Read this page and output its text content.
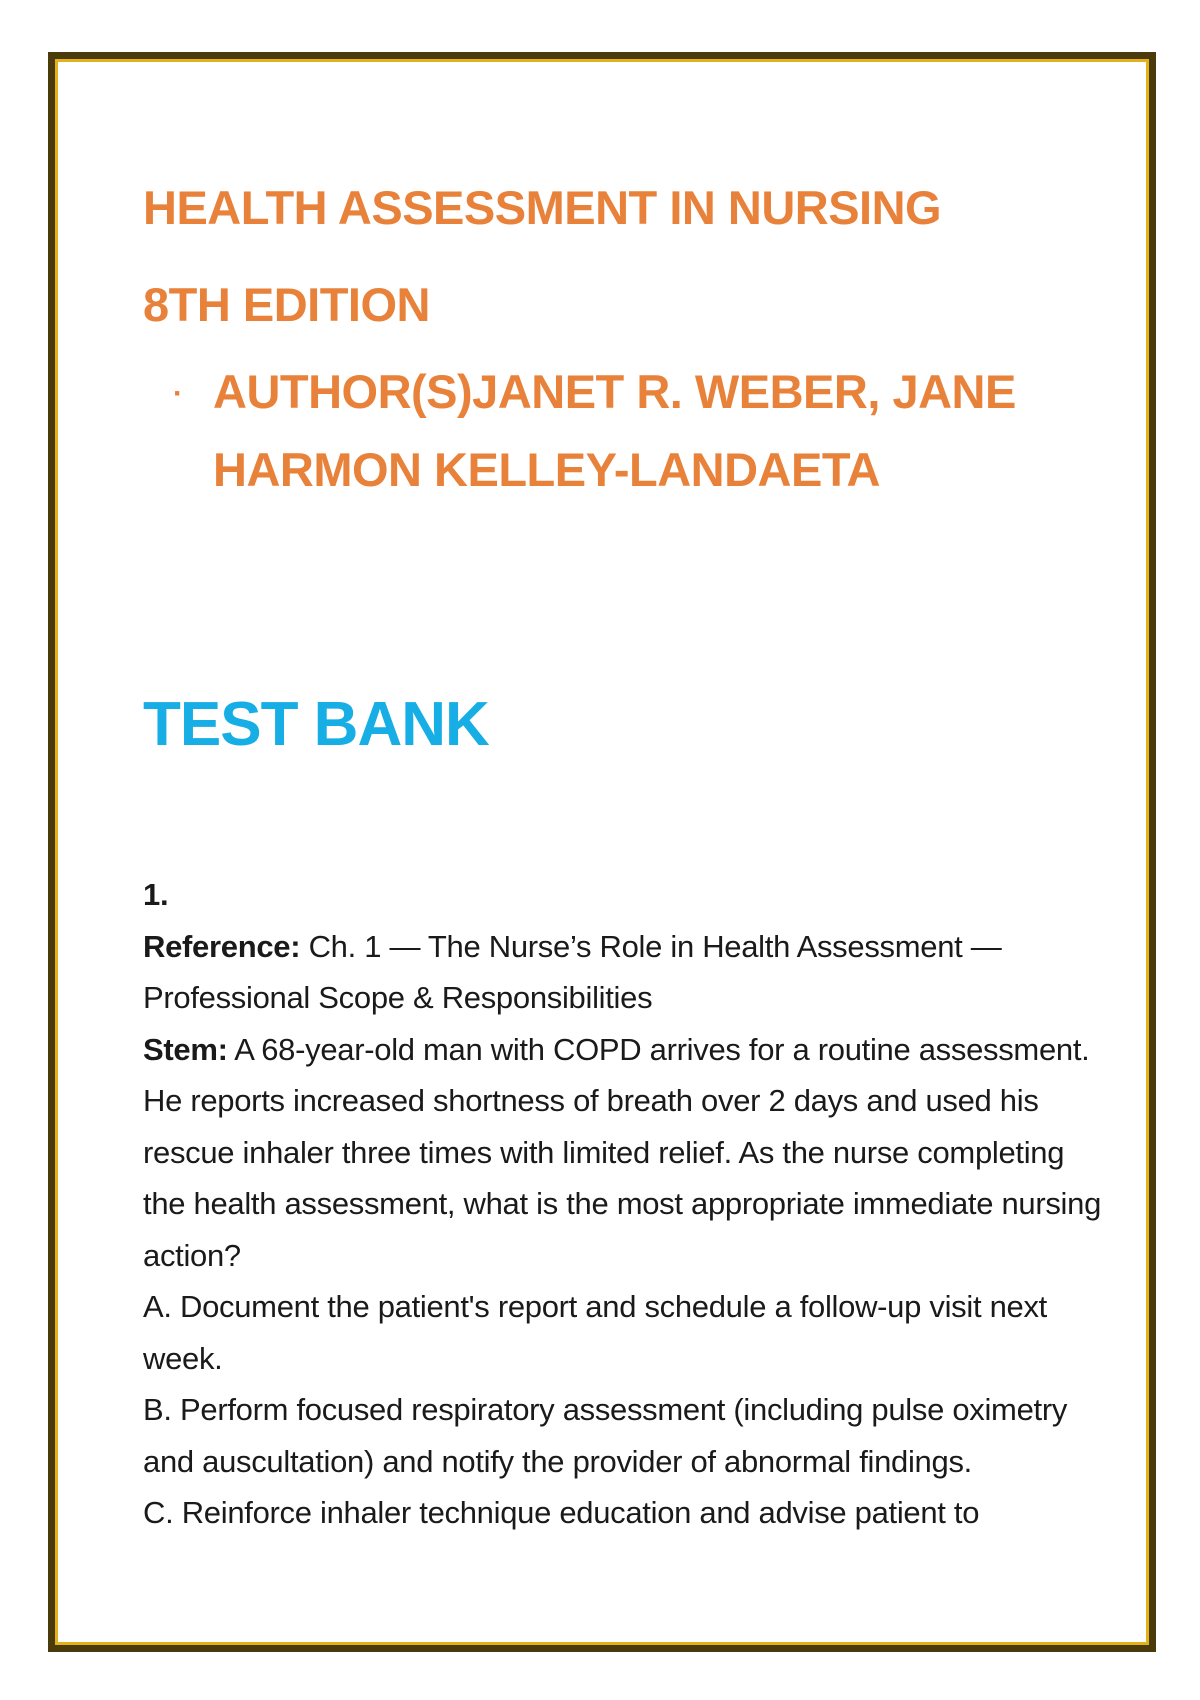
HEALTH ASSESSMENT IN NURSING

8TH EDITION

· AUTHOR(S)JANET R. WEBER, JANE HARMON KELLEY-LANDAETA
TEST BANK

1.

Reference: Ch. 1 — The Nurse’s Role in Health Assessment — Professional Scope & Responsibilities

Stem: A 68-year-old man with COPD arrives for a routine assessment. He reports increased shortness of breath over 2 days and used his rescue inhaler three times with limited relief. As the nurse completing the health assessment, what is the most appropriate immediate nursing action?

A. Document the patient's report and schedule a follow-up visit next week.

B. Perform focused respiratory assessment (including pulse oximetry and auscultation) and notify the provider of abnormal findings.

C. Reinforce inhaler technique education and advise patient to
